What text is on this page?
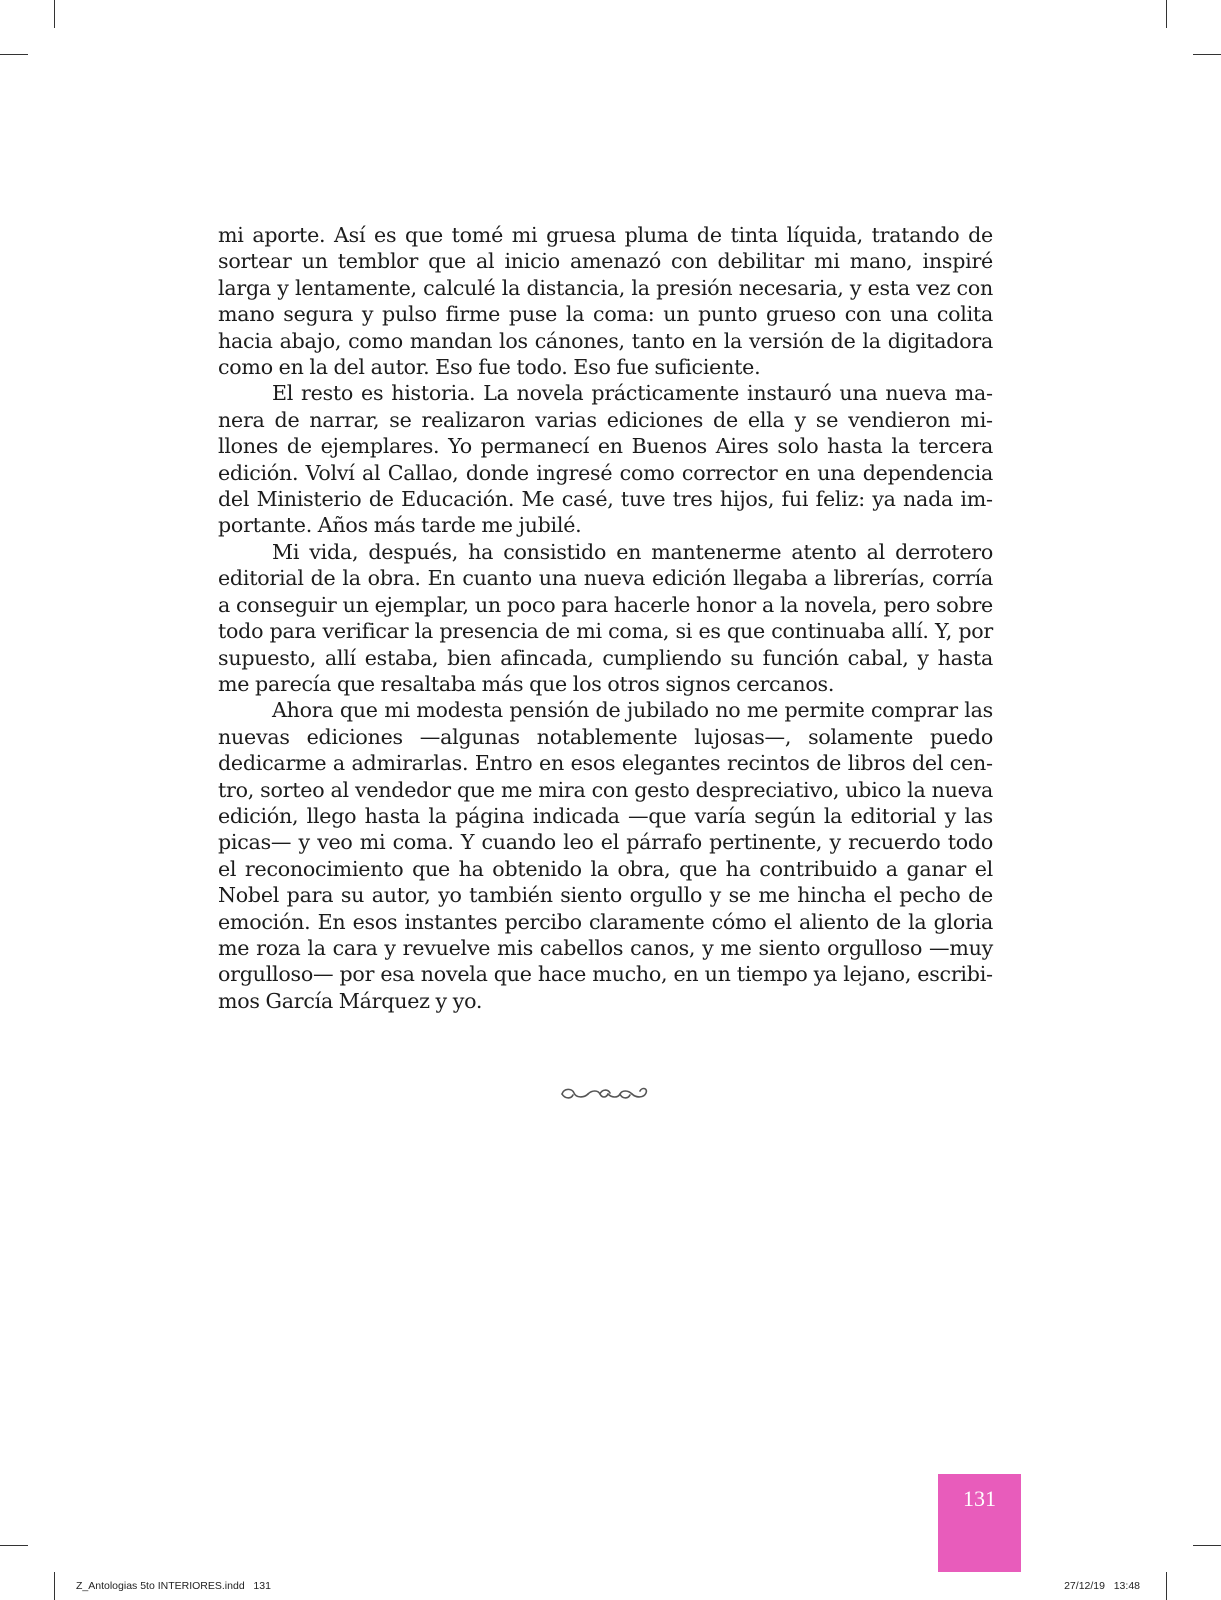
mi aporte. Así es que tomé mi gruesa pluma de tinta líquida, tratando de sortear un temblor que al inicio amenazó con debilitar mi mano, inspiré larga y lentamente, calculé la distancia, la presión necesaria, y esta vez con mano segura y pulso firme puse la coma: un punto grueso con una colita hacia abajo, como mandan los cánones, tanto en la versión de la digitadora como en la del autor. Eso fue todo. Eso fue suficiente.

El resto es historia. La novela prácticamente instauró una nueva manera de narrar, se realizaron varias ediciones de ella y se vendieron millones de ejemplares. Yo permanecí en Buenos Aires solo hasta la tercera edición. Volví al Callao, donde ingresé como corrector en una dependencia del Ministerio de Educación. Me casé, tuve tres hijos, fui feliz: ya nada importante. Años más tarde me jubilé.

Mi vida, después, ha consistido en mantenerme atento al derrotero editorial de la obra. En cuanto una nueva edición llegaba a librerías, corría a conseguir un ejemplar, un poco para hacerle honor a la novela, pero sobre todo para verificar la presencia de mi coma, si es que continuaba allí. Y, por supuesto, allí estaba, bien afincada, cumpliendo su función cabal, y hasta me parecía que resaltaba más que los otros signos cercanos.

Ahora que mi modesta pensión de jubilado no me permite comprar las nuevas ediciones —algunas notablemente lujosas—, solamente puedo dedicarme a admirarlas. Entro en esos elegantes recintos de libros del centro, sorteo al vendedor que me mira con gesto despreciativo, ubico la nueva edición, llego hasta la página indicada —que varía según la editorial y las picas— y veo mi coma. Y cuando leo el párrafo pertinente, y recuerdo todo el reconocimiento que ha obtenido la obra, que ha contribuido a ganar el Nobel para su autor, yo también siento orgullo y se me hincha el pecho de emoción. En esos instantes percibo claramente cómo el aliento de la gloria me roza la cara y revuelve mis cabellos canos, y me siento orgulloso —muy orgulloso— por esa novela que hace mucho, en un tiempo ya lejano, escribimos García Márquez y yo.

131
Z_Antologias 5to INTERIORES.indd   131	27/12/19   13:48
